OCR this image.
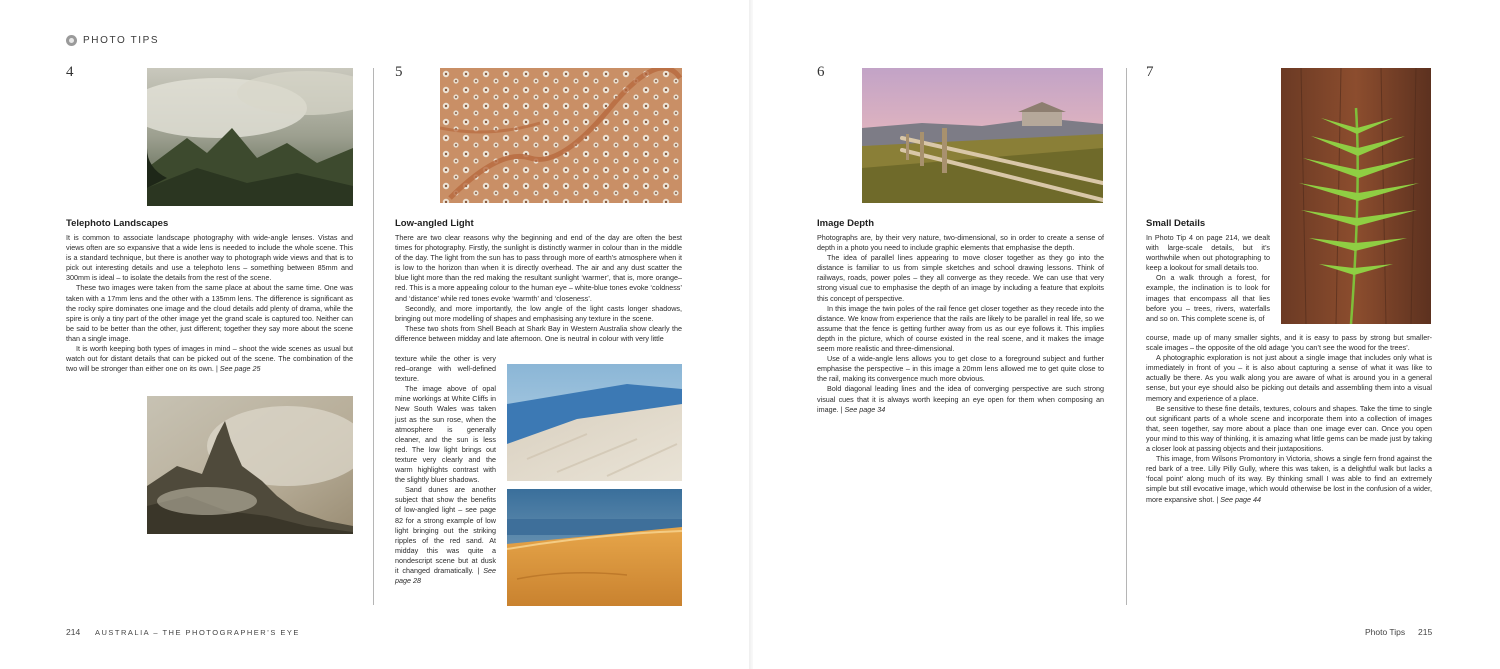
PHOTO TIPS
4
Telephoto Landscapes

It is common to associate landscape photography with wide-angle lenses. Vistas and views often are so expansive that a wide lens is needed to include the whole scene. This is a standard technique, but there is another way to photograph wide views and that is to pick out interesting details and use a telephoto lens – something between 85mm and 300mm is ideal – to isolate the details from the rest of the scene.

These two images were taken from the same place at about the same time. One was taken with a 17mm lens and the other with a 135mm lens. The difference is significant as the rocky spire dominates one image and the cloud details add plenty of drama, while the spire is only a tiny part of the other image yet the grand scale is captured too. Neither can be said to be better than the other, just different; together they say more about the scene than a single image.

It is worth keeping both types of images in mind – shoot the wide scenes as usual but watch out for distant details that can be picked out of the scene. The combination of the two will be stronger than either one on its own. | See page 25

5
Low-angled Light

There are two clear reasons why the beginning and end of the day are often the best times for photography. Firstly, the sunlight is distinctly warmer in colour than in the middle of the day. The light from the sun has to pass through more of earth’s atmosphere when it is low to the horizon than when it is directly overhead. The air and any dust scatter the blue light more than the red making the resultant sunlight ‘warmer’, that is, more orange–red. This is a more appealing colour to the human eye – white-blue tones evoke ‘coldness’ and ‘distance’ while red tones evoke ‘warmth’ and ‘closeness’.

Secondly, and more importantly, the low angle of the light casts longer shadows, bringing out more modelling of shapes and emphasising any texture in the scene.

These two shots from Shell Beach at Shark Bay in Western Australia show clearly the difference between midday and late afternoon. One is neutral in colour with very little

texture while the other is very red–orange with well-defined texture.

The image above of opal mine workings at White Cliffs in New South Wales was taken just as the sun rose, when the atmosphere is generally cleaner, and the sun is less red. The low light brings out texture very clearly and the warm highlights contrast with the slightly bluer shadows.

Sand dunes are another subject that show the benefits of low-angled light – see page 82 for a strong example of low light bringing out the striking ripples of the red sand. At midday this was quite a nondescript scene but at dusk it changed dramatically. | See page 28

6
Image Depth

Photographs are, by their very nature, two-dimensional, so in order to create a sense of depth in a photo you need to include graphic elements that emphasise the depth.

The idea of parallel lines appearing to move closer together as they go into the distance is familiar to us from simple sketches and school drawing lessons. Think of railways, roads, power poles – they all converge as they recede. We can use that very strong visual cue to emphasise the depth of an image by including a feature that exploits this concept of perspective.

In this image the twin poles of the rail fence get closer together as they recede into the distance. We know from experience that the rails are likely to be parallel in real life, so we assume that the fence is getting further away from us as our eye follows it. This implies depth in the picture, which of course existed in the real scene, and it makes the image seem more realistic and three-dimensional.

Use of a wide-angle lens allows you to get close to a foreground subject and further emphasise the perspective – in this image a 20mm lens allowed me to get quite close to the rail, making its convergence much more obvious.

Bold diagonal leading lines and the idea of converging perspective are such strong visual cues that it is always worth keeping an eye open for them when composing an image. | See page 34

7
Small Details

In Photo Tip 4 on page 214, we dealt with large-scale details, but it’s worthwhile when out photographing to keep a lookout for small details too.

On a walk through a forest, for example, the inclination is to look for images that encompass all that lies before you – trees, rivers, waterfalls and so on. This complete scene is, of

course, made up of many smaller sights, and it is easy to pass by strong but smaller-scale images – the opposite of the old adage ‘you can’t see the wood for the trees’.

A photographic exploration is not just about a single image that includes only what is immediately in front of you – it is also about capturing a sense of what it was like to actually be there. As you walk along you are aware of what is around you in a general sense, but your eye should also be picking out details and assembling them into a visual memory and experience of a place.

Be sensitive to these fine details, textures, colours and shapes. Take the time to single out significant parts of a whole scene and incorporate them into a collection of images that, seen together, say more about a place than one image ever can. Once you open your mind to this way of thinking, it is amazing what little gems can be made just by taking a closer look at passing objects and their juxtapositions.

This image, from Wilsons Promontory in Victoria, shows a single fern frond against the red bark of a tree. Lilly Pilly Gully, where this was taken, is a delightful walk but lacks a ‘focal point’ along much of its way. By thinking small I was able to find an extremely simple but still evocative image, which would otherwise be lost in the confusion of a wider, more expansive shot. | See page 44

214 AUSTRALIA – THE PHOTOGRAPHER’S EYE	Photo Tips 215
